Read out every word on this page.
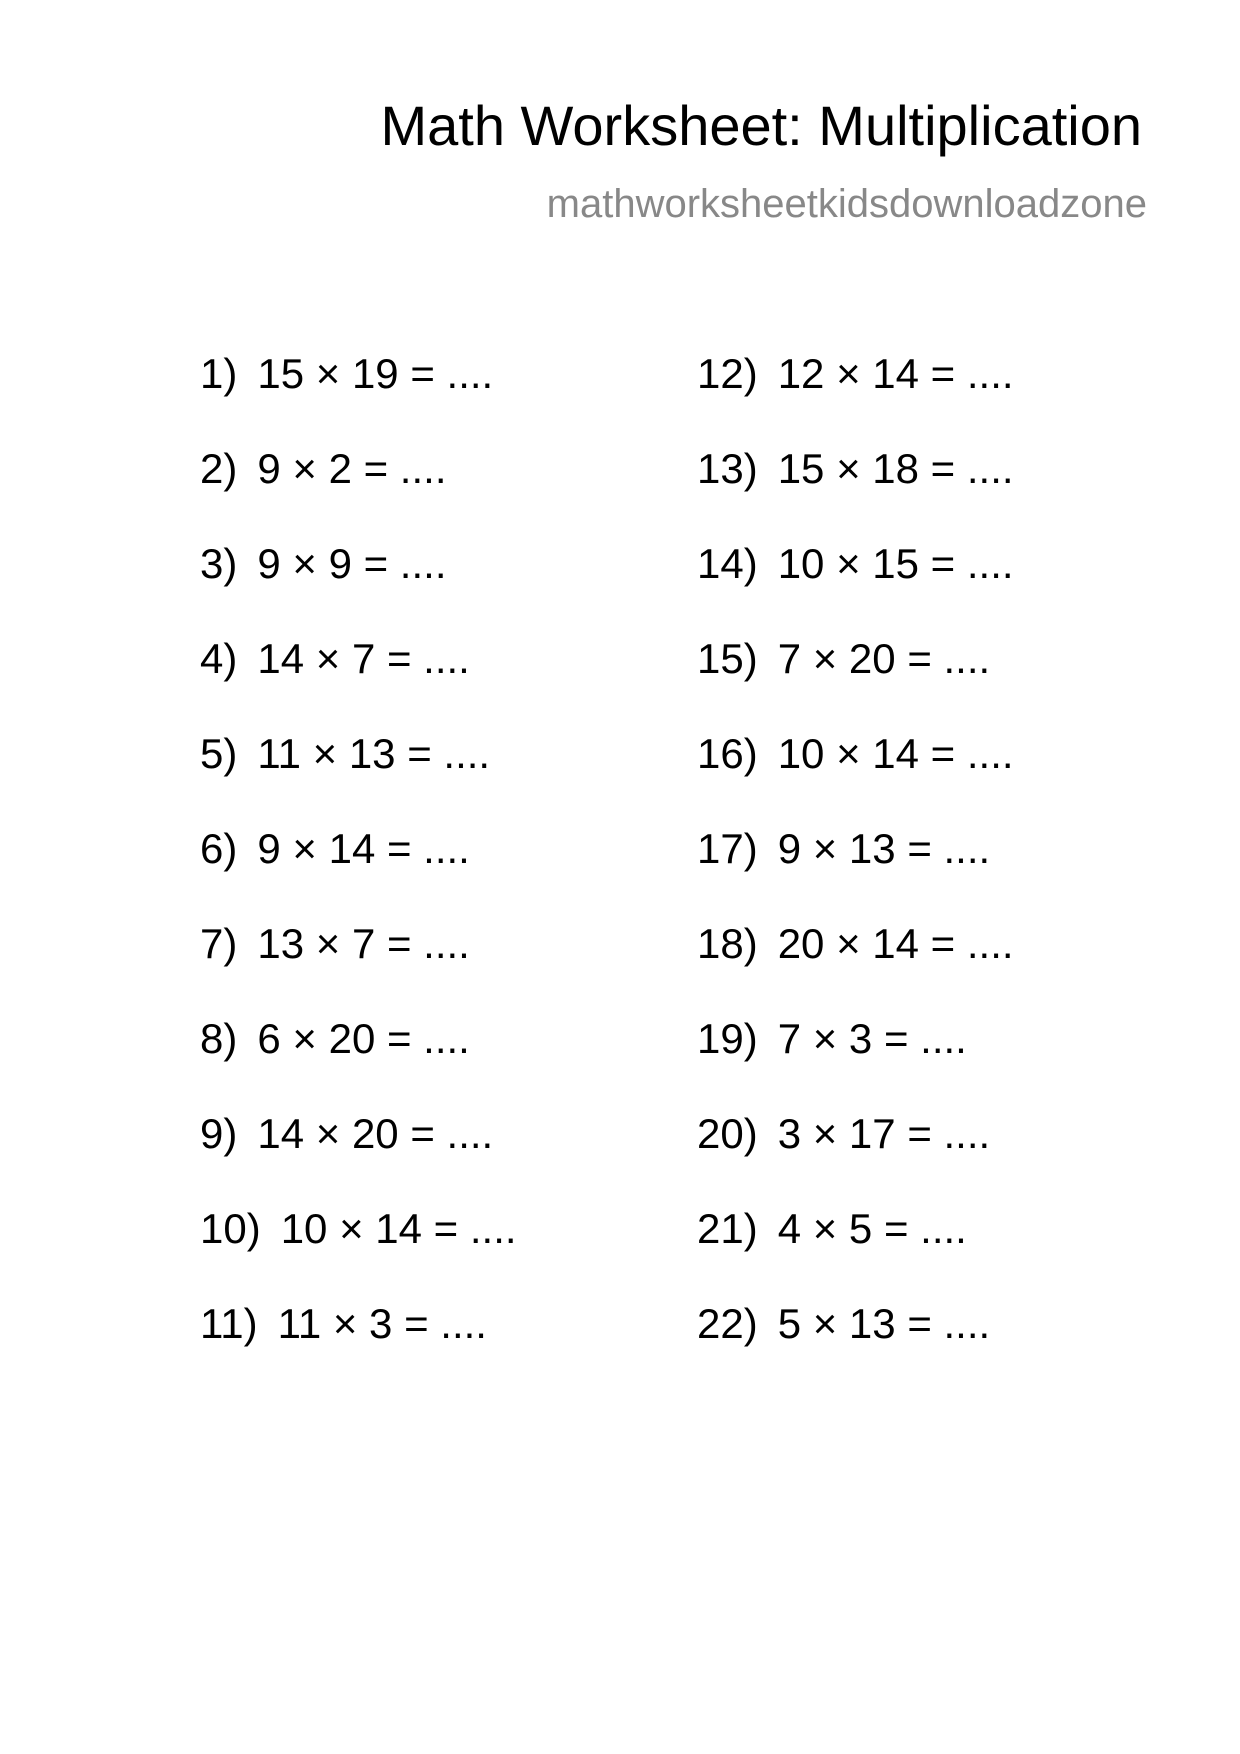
Math Worksheet: Multiplication
mathworksheetkidsdownloadzone
1) 15 × 19 = ....
2) 9 × 2 = ....
3) 9 × 9 = ....
4) 14 × 7 = ....
5) 11 × 13 = ....
6) 9 × 14 = ....
7) 13 × 7 = ....
8) 6 × 20 = ....
9) 14 × 20 = ....
10) 10 × 14 = ....
11) 11 × 3 = ....
12) 12 × 14 = ....
13) 15 × 18 = ....
14) 10 × 15 = ....
15) 7 × 20 = ....
16) 10 × 14 = ....
17) 9 × 13 = ....
18) 20 × 14 = ....
19) 7 × 3 = ....
20) 3 × 17 = ....
21) 4 × 5 = ....
22) 5 × 13 = ....
